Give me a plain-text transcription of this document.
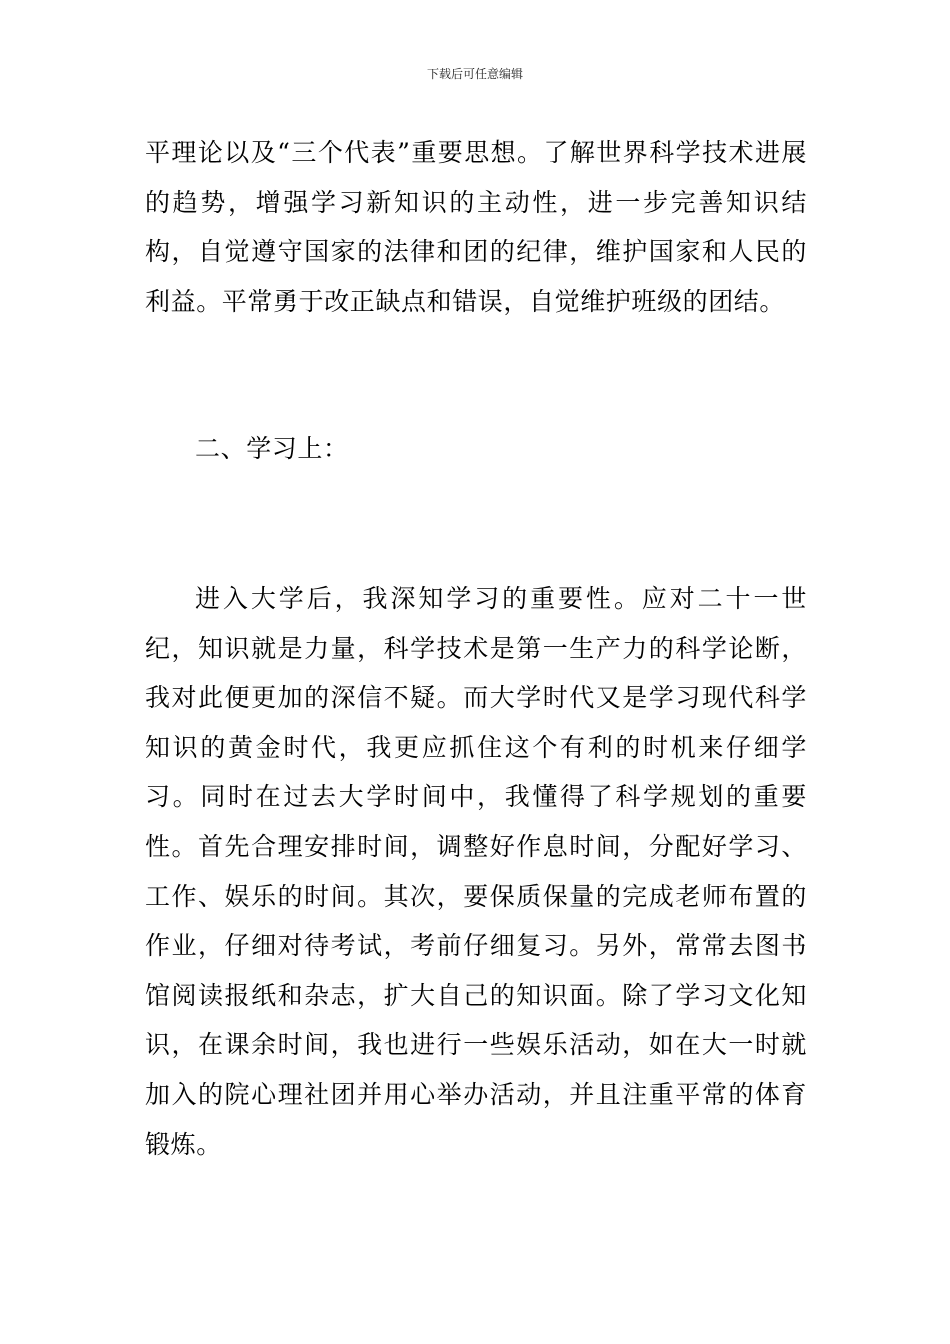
下载后可任意编辑

平理论以及“三个代表”重要思想。了解世界科学技术进展的趋势，增强学习新知识的主动性，进一步完善知识结构，自觉遵守国家的法律和团的纪律，维护国家和人民的利益。平常勇于改正缺点和错误，自觉维护班级的团结。

二、学习上：

进入大学后，我深知学习的重要性。应对二十一世纪，知识就是力量，科学技术是第一生产力的科学论断，我对此便更加的深信不疑。而大学时代又是学习现代科学知识的黄金时代，我更应抓住这个有利的时机来仔细学习。同时在过去大学时间中，我懂得了科学规划的重要性。首先合理安排时间，调整好作息时间，分配好学习、工作、娱乐的时间。其次，要保质保量的完成老师布置的作业，仔细对待考试，考前仔细复习。另外，常常去图书馆阅读报纸和杂志，扩大自己的知识面。除了学习文化知识，在课余时间，我也进行一些娱乐活动，如在大一时就加入的院心理社团并用心举办活动，并且注重平常的体育锻炼。
